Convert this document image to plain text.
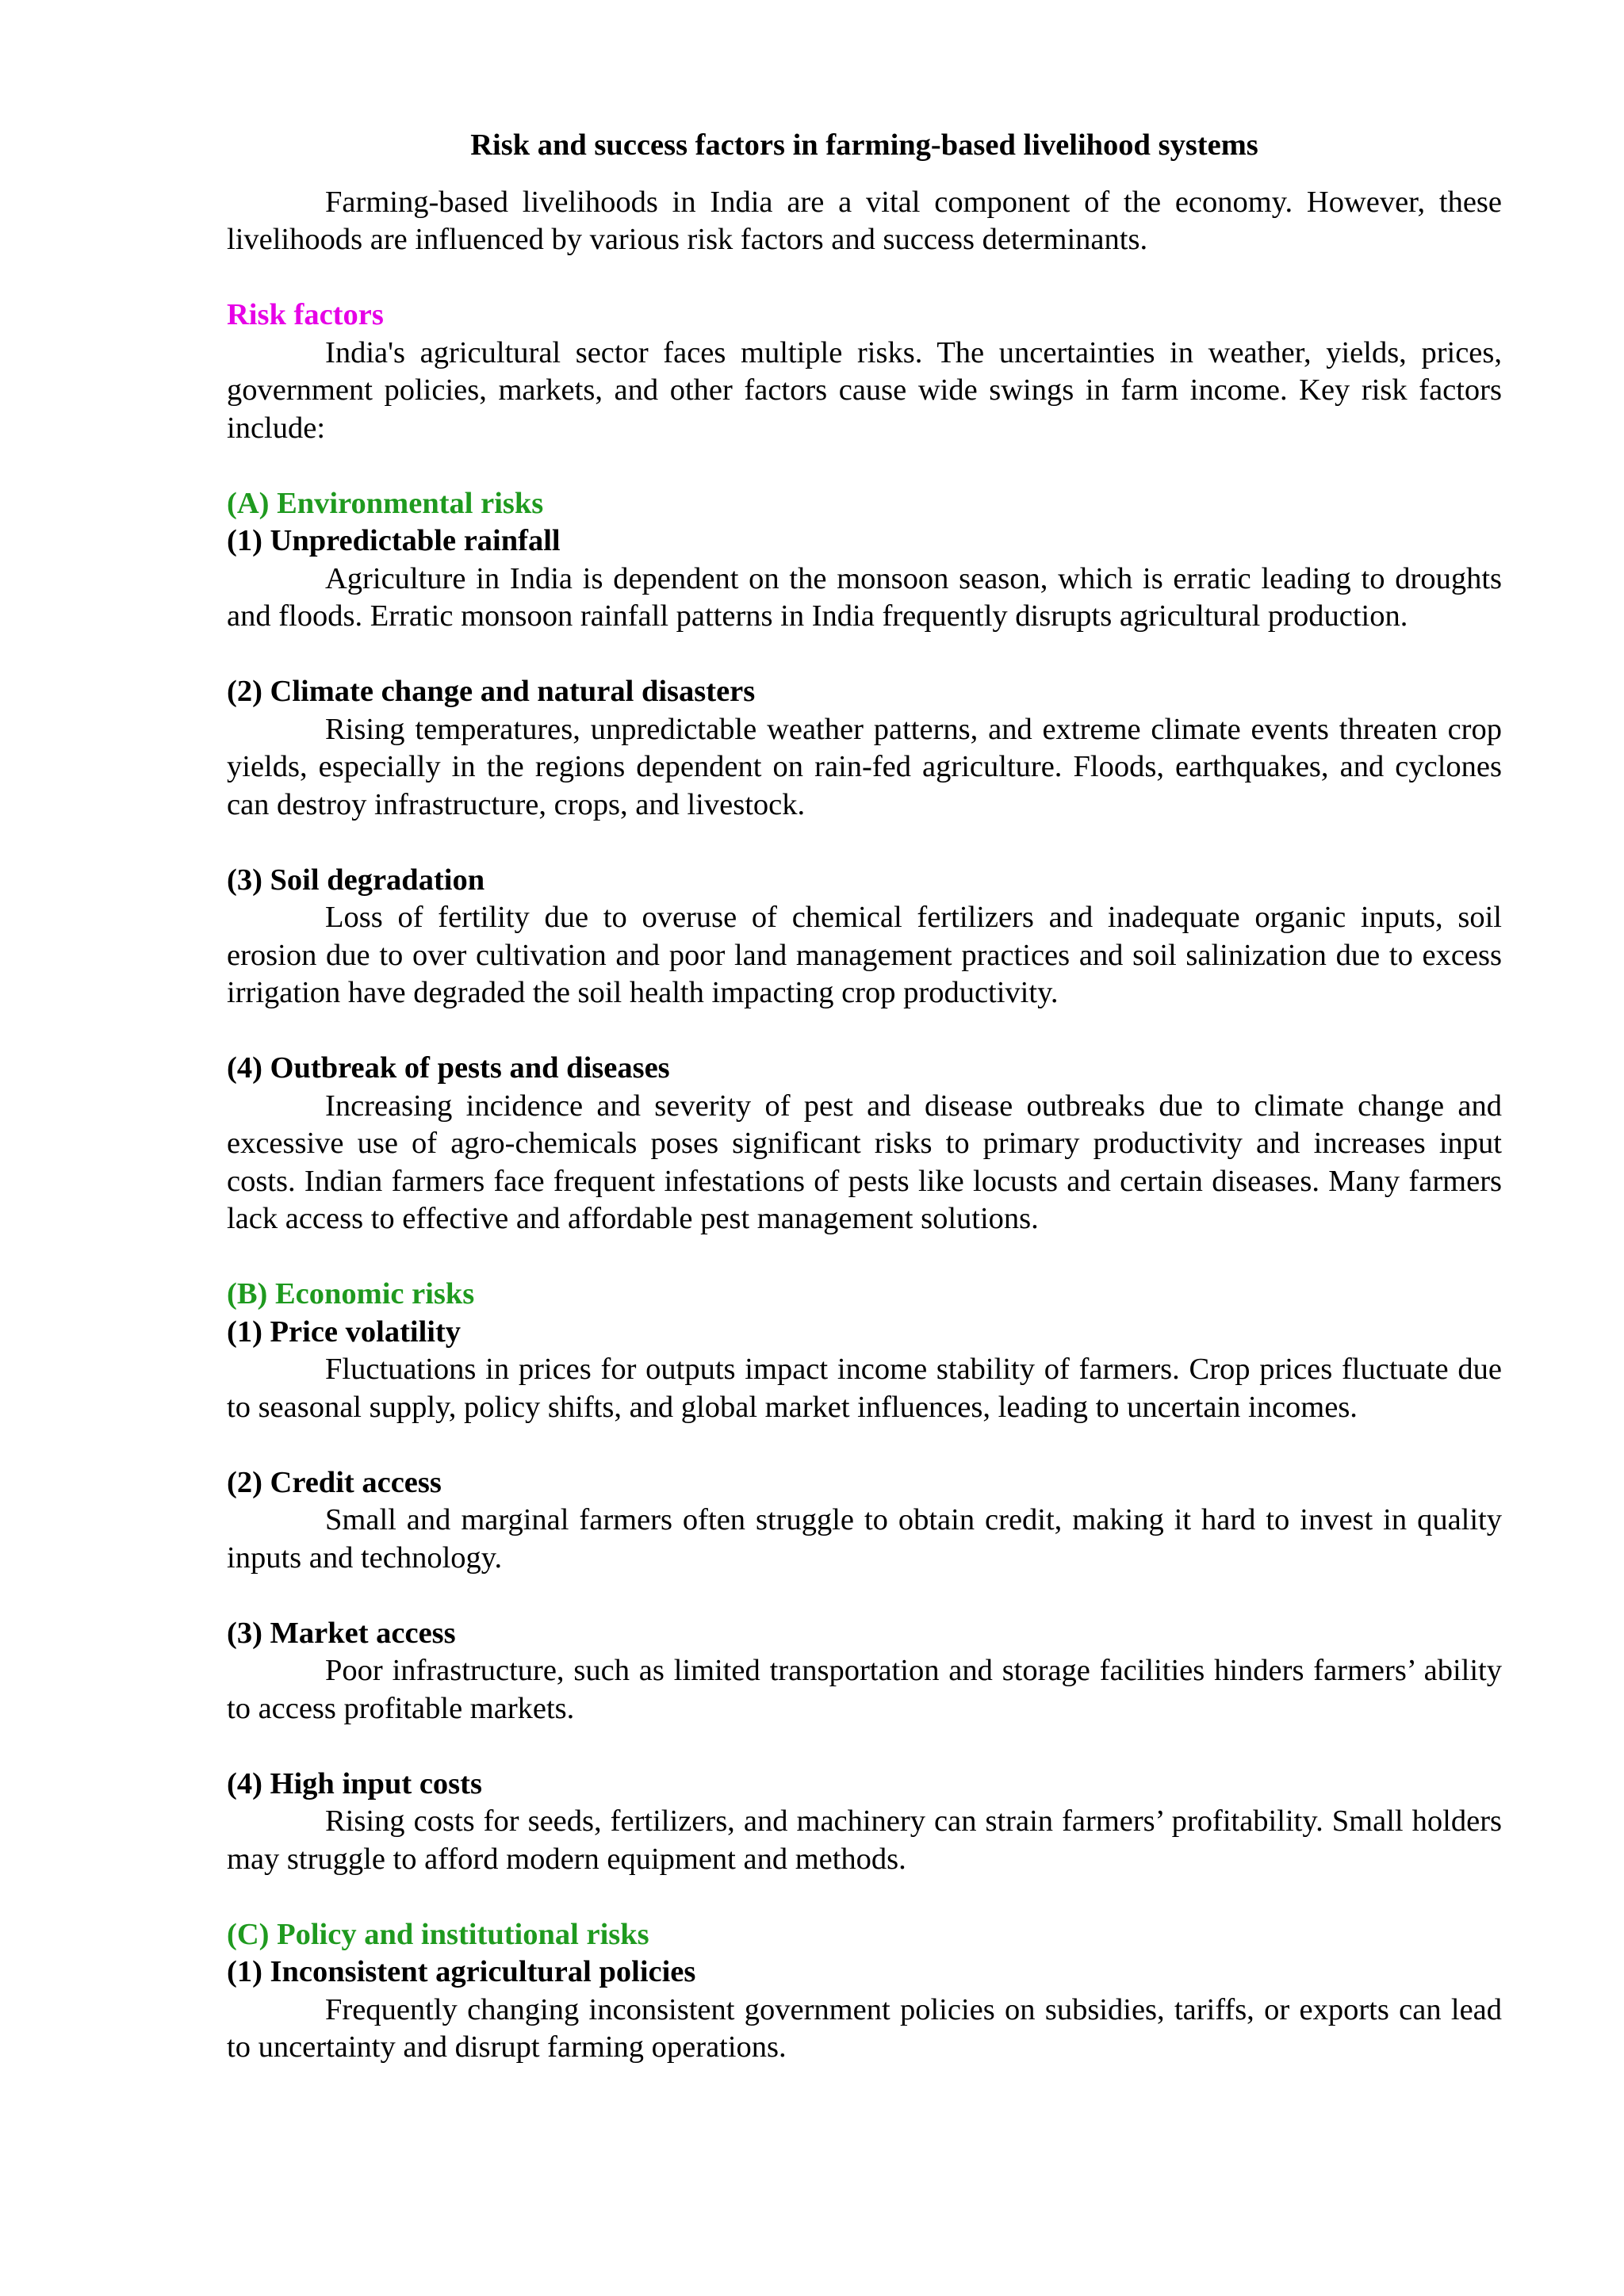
Risk and success factors in farming-based livelihood systems

Farming-based livelihoods in India are a vital component of the economy. However, these livelihoods are influenced by various risk factors and success determinants.

Risk factors

India's agricultural sector faces multiple risks. The uncertainties in weather, yields, prices, government policies, markets, and other factors cause wide swings in farm income. Key risk factors include:

(A) Environmental risks

(1) Unpredictable rainfall

Agriculture in India is dependent on the monsoon season, which is erratic leading to droughts and floods. Erratic monsoon rainfall patterns in India frequently disrupts agricultural production.

(2) Climate change and natural disasters

Rising temperatures, unpredictable weather patterns, and extreme climate events threaten crop yields, especially in the regions dependent on rain-fed agriculture. Floods, earthquakes, and cyclones can destroy infrastructure, crops, and livestock.

(3) Soil degradation

Loss of fertility due to overuse of chemical fertilizers and inadequate organic inputs, soil erosion due to over cultivation and poor land management practices and soil salinization due to excess irrigation have degraded the soil health impacting crop productivity.

(4) Outbreak of pests and diseases

Increasing incidence and severity of pest and disease outbreaks due to climate change and excessive use of agro-chemicals poses significant risks to primary productivity and increases input costs. Indian farmers face frequent infestations of pests like locusts and certain diseases. Many farmers lack access to effective and affordable pest management solutions.

(B) Economic risks

(1) Price volatility

Fluctuations in prices for outputs impact income stability of farmers. Crop prices fluctuate due to seasonal supply, policy shifts, and global market influences, leading to uncertain incomes.

(2) Credit access

Small and marginal farmers often struggle to obtain credit, making it hard to invest in quality inputs and technology.

(3) Market access

Poor infrastructure, such as limited transportation and storage facilities hinders farmers’ ability to access profitable markets.

(4) High input costs

Rising costs for seeds, fertilizers, and machinery can strain farmers’ profitability. Small holders may struggle to afford modern equipment and methods.

(C) Policy and institutional risks

(1) Inconsistent agricultural policies

Frequently changing inconsistent government policies on subsidies, tariffs, or exports can lead to uncertainty and disrupt farming operations.
